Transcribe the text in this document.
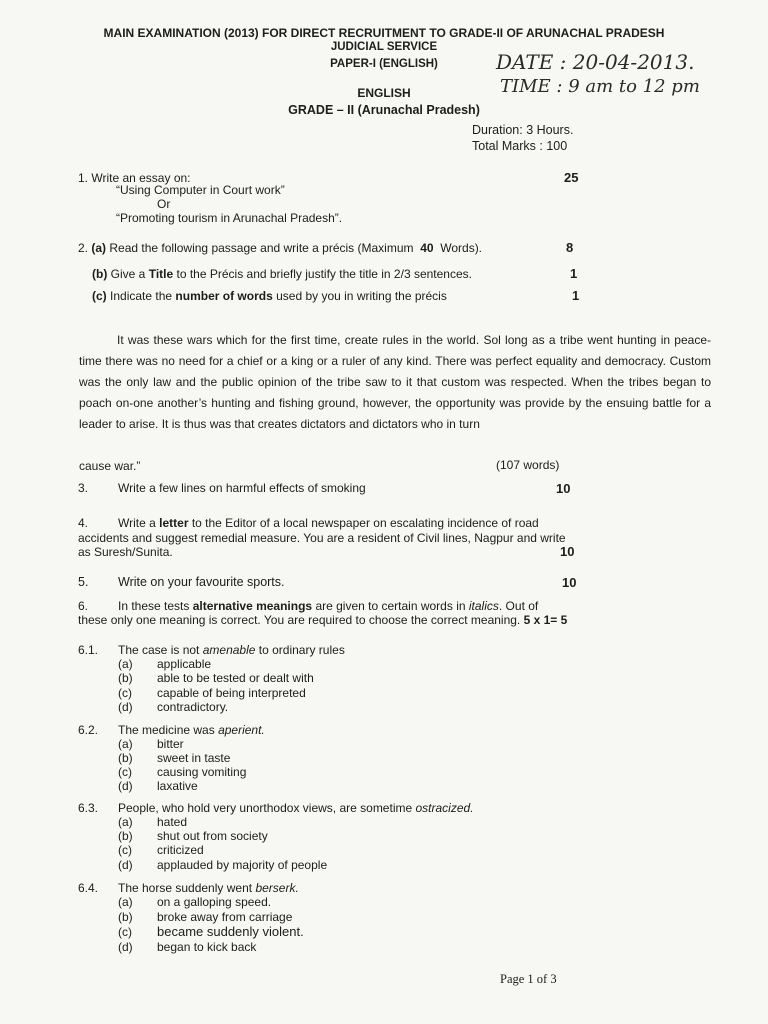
MAIN EXAMINATION (2013) FOR DIRECT RECRUITMENT TO GRADE-II OF ARUNACHAL PRADESH

JUDICIAL SERVICE

PAPER-I (ENGLISH)

ENGLISH

GRADE – II (Arunachal Pradesh)

DATE : 20-04-2013.

TIME : 9 am to 12 pm

Duration: 3 Hours.

Total Marks : 100

1. Write an essay on:	25

“Using Computer in Court work”

Or

“Promoting tourism in Arunachal Pradesh”.

2. (a) Read the following passage and write a précis (Maximum 40 Words).	8

(b) Give a Title to the Précis and briefly justify the title in 2/3 sentences.	1

(c) Indicate the number of words used by you in writing the précis	1

It was these wars which for the first time, create rules in the world. Sol long as a tribe went hunting in peace-time there was no need for a chief or a king or a ruler of any kind. There was perfect equality and democracy. Custom was the only law and the public opinion of the tribe saw to it that custom was respected. When the tribes began to poach on-one another’s hunting and fishing ground, however, the opportunity was provide by the ensuing battle for a leader to arise. It is thus was that creates dictators and dictators who in turn

cause war.”	(107 words)

3. Write a few lines on harmful effects of smoking	10

4. Write a letter to the Editor of a local newspaper on escalating incidence of road

accidents and suggest remedial measure. You are a resident of Civil lines, Nagpur and write

as Suresh/Sunita.	10

5. Write on your favourite sports.	10

6. In these tests alternative meanings are given to certain words in italics. Out of

these only one meaning is correct. You are required to choose the correct meaning. 5 x 1= 5

6.1. The case is not amenable to ordinary rules

(a) applicable

(b) able to be tested or dealt with

(c) capable of being interpreted

(d) contradictory.

6.2. The medicine was aperient.

(a) bitter

(b) sweet in taste

(c) causing vomiting

(d) laxative

6.3. People, who hold very unorthodox views, are sometime ostracized.

(a) hated

(b) shut out from society

(c) criticized

(d) applauded by majority of people

6.4. The horse suddenly went berserk.

(a) on a galloping speed.

(b) broke away from carriage

(c) became suddenly violent.

(d) began to kick back

Page 1 of 3
